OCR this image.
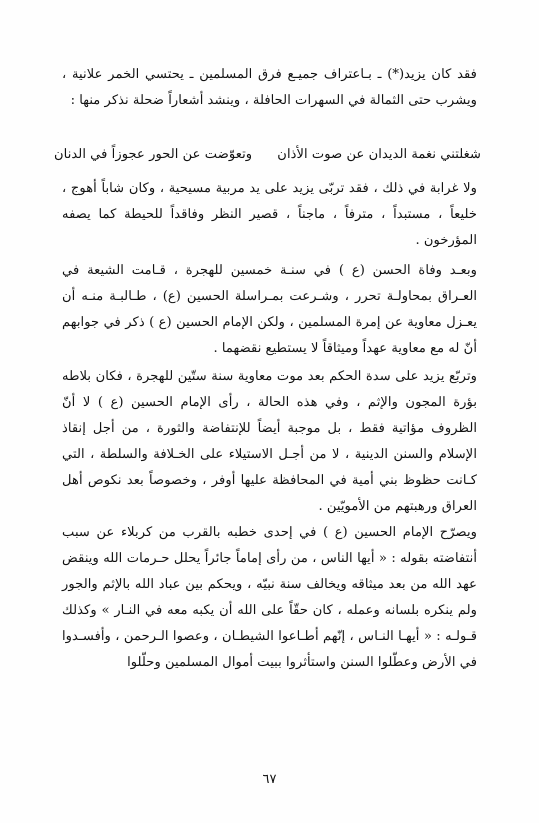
فقد كان يزيد(*) ـ بـاعتراف جميـع فرق المسلمين ـ يحتسي الخمر علانية ، ويشرب حتى الثمالة في السهرات الحافلة ، وينشد أشعاراً ضحلة نذكر منها :

شغلتني نغمة الديدان عن صوت الأذان
وتعوّضت عن الحور عجوزاً في الدنان

ولا غرابة في ذلك ، فقد تربّى يزيد على يد مربية مسيحية ، وكان شاباً أهوج ، خليعاً ، مستبداً ، مترفاً ، ماجناً ، قصير النظر وفاقداً للحيطة كما يصفه المؤرخون .

وبعـد وفاة الحسن (ع ) في سنـة خمسين للهجرة ، قـامت الشيعة في العـراق بمحاولـة تحرر ، وشـرعت بمـراسلة الحسين (ع) ، طـالبـة منـه أن يعـزل معاوية عن إمرة المسلمين ، ولكن الإمام الحسين (ع ) ذكر في جوابهم أنّ له مع معاوية عهداً وميثاقاً لا يستطيع نقضهما .

وتربّع يزيد على سدة الحكم بعد موت معاوية سنة ستّين للهجرة ، فكان بلاطه بؤرة المجون والإثم ، وفي هذه الحالة ، رأى الإمام الحسين (ع ) لا أنّ الظروف مؤاتية فقط ، بل موجبة أيضاً للإنتفاضة والثورة ، من أجل إنقاذ الإسلام والسنن الدينية ، لا من أجـل الاستيلاء على الخـلافة والسلطة ، التي كـانت حظوظ بني أمية في المحافظة عليها أوفر ، وخصوصاً بعد نكوص أهل العراق ورهبتهم من الأمويّين .

ويصرّح الإمام الحسين (ع ) في إحدى خطبه بالقرب من كربلاء عن سبب أنتفاضته بقوله : « أيها الناس ، من رأى إماماً جائراً يحلل حـرمات الله وينقض عهد الله من بعد ميثاقه ويخالف سنة نبيّه ، ويحكم بين عباد الله بالإثم والجور ولم ينكره بلسانه وعمله ، كان حقّاً على الله أن يكبه معه في النـار » وكذلك قـولـه : « أيهـا النـاس ، إنّهم أطـاعوا الشيطـان ، وعصوا الـرحمن ، وأفسـدوا في الأرض وعطّلوا السنن واستأثروا ببيت أموال المسلمين وحلّلوا

٦٧
